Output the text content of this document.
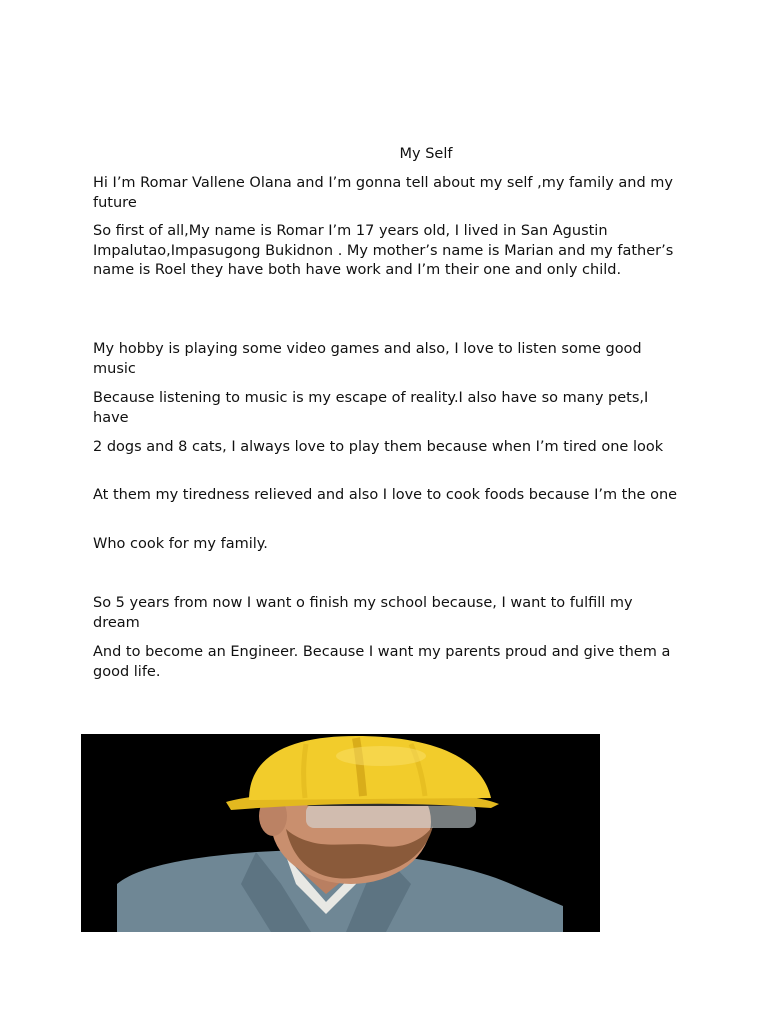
My Self

Hi I’m Romar Vallene Olana and I’m gonna tell about my self ,my family and my future

So first of all,My name is Romar I’m 17 years old, I lived in San Agustin Impalutao,Impasugong Bukidnon . My mother’s name is Marian and my father’s name is Roel they have both have work and I’m their one and only child.

My hobby is playing some video games and also, I love to listen some good music

Because listening to music is my escape of reality.I also have so many pets,I have

2 dogs and 8 cats, I always love to play them because when I’m tired one look

At them my tiredness relieved and also I love to cook foods because I’m the one

Who cook for my family.

So 5 years from now I want o finish my school because, I want to fulfill my dream

And to become an Engineer. Because I want my parents proud and give them a good life.
